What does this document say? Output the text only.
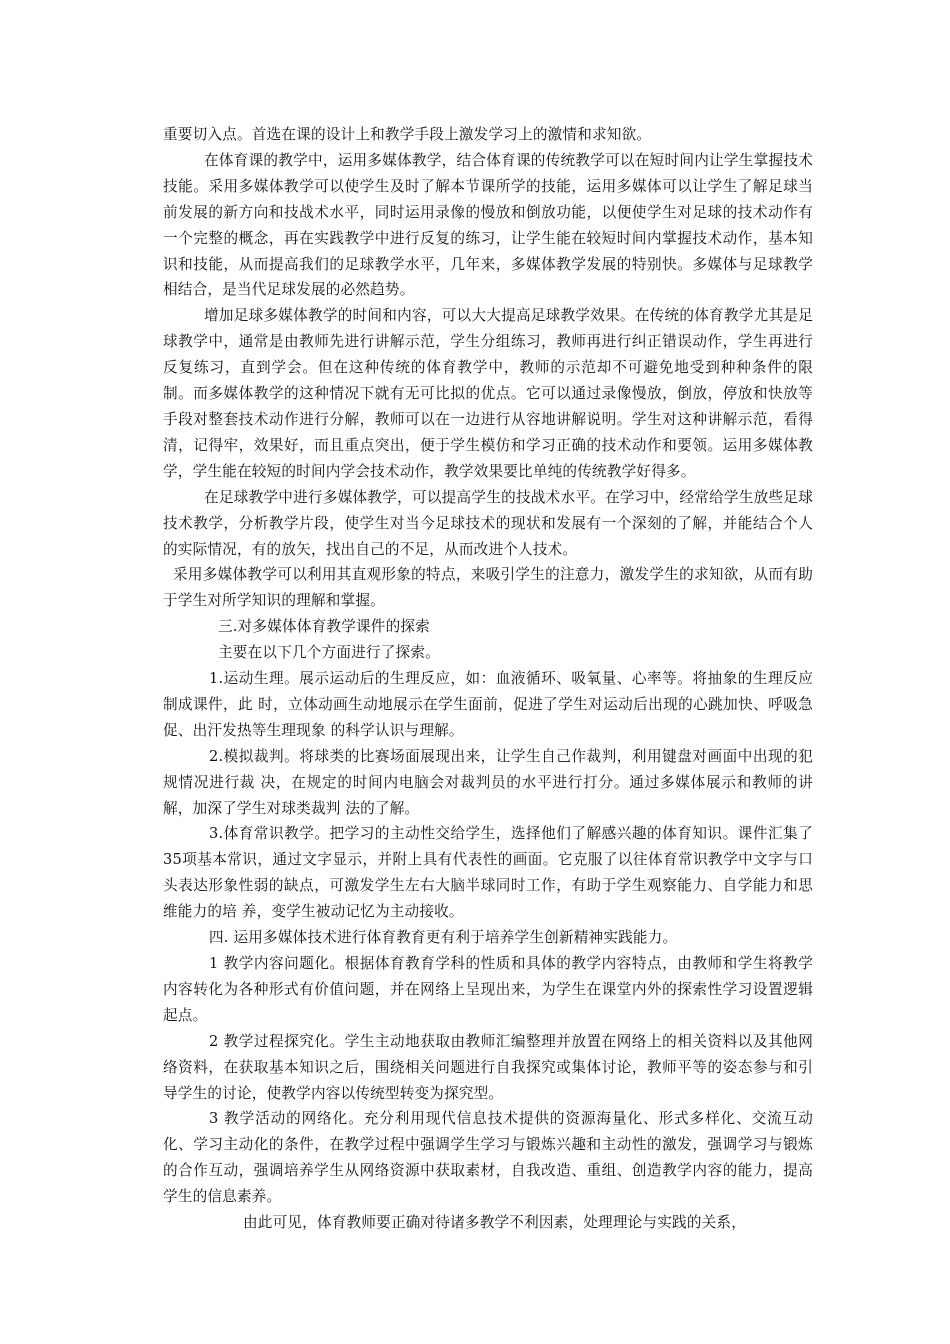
重要切入点。首选在课的设计上和教学手段上激发学习上的激情和求知欲。

在体育课的教学中，运用多媒体教学，结合体育课的传统教学可以在短时间内让学生掌握技术技能。采用多媒体教学可以使学生及时了解本节课所学的技能，运用多媒体可以让学生了解足球当前发展的新方向和技战术水平，同时运用录像的慢放和倒放功能，以便使学生对足球的技术动作有一个完整的概念，再在实践教学中进行反复的练习，让学生能在较短时间内掌握技术动作，基本知识和技能，从而提高我们的足球教学水平，几年来，多媒体教学发展的特别快。多媒体与足球教学相结合，是当代足球发展的必然趋势。

增加足球多媒体教学的时间和内容，可以大大提高足球教学效果。在传统的体育教学尤其是足球教学中，通常是由教师先进行讲解示范，学生分组练习，教师再进行纠正错误动作，学生再进行反复练习，直到学会。但在这种传统的体育教学中，教师的示范却不可避免地受到种种条件的限制。而多媒体教学的这种情况下就有无可比拟的优点。它可以通过录像慢放，倒放，停放和快放等手段对整套技术动作进行分解，教师可以在一边进行从容地讲解说明。学生对这种讲解示范，看得清，记得牢，效果好，而且重点突出，便于学生模仿和学习正确的技术动作和要领。运用多媒体教学，学生能在较短的时间内学会技术动作，教学效果要比单纯的传统教学好得多。

在足球教学中进行多媒体教学，可以提高学生的技战术水平。在学习中，经常给学生放些足球技术教学，分析教学片段，使学生对当今足球技术的现状和发展有一个深刻的了解，并能结合个人的实际情况，有的放矢，找出自己的不足，从而改进个人技术。

采用多媒体教学可以利用其直观形象的特点，来吸引学生的注意力，激发学生的求知欲，从而有助于学生对所学知识的理解和掌握。

三.对多媒体体育教学课件的探索

主要在以下几个方面进行了探索。

1.运动生理。展示运动后的生理反应，如：血液循环、吸氧量、心率等。将抽象的生理反应制成课件，此 时，立体动画生动地展示在学生面前，促进了学生对运动后出现的心跳加快、呼吸急促、出汗发热等生理现象 的科学认识与理解。

2.模拟裁判。将球类的比赛场面展现出来，让学生自己作裁判，利用键盘对画面中出现的犯规情况进行裁 决，在规定的时间内电脑会对裁判员的水平进行打分。通过多媒体展示和教师的讲解，加深了学生对球类裁判 法的了解。

3.体育常识教学。把学习的主动性交给学生，选择他们了解感兴趣的体育知识。课件汇集了35项基本常识，通过文字显示，并附上具有代表性的画面。它克服了以往体育常识教学中文字与口 头表达形象性弱的缺点，可激发学生左右大脑半球同时工作，有助于学生观察能力、自学能力和思维能力的培 养，变学生被动记忆为主动接收。

四. 运用多媒体技术进行体育教育更有利于培养学生创新精神实践能力。

1 教学内容问题化。根据体育教育学科的性质和具体的教学内容特点，由教师和学生将教学内容转化为各种形式有价值问题，并在网络上呈现出来，为学生在课堂内外的探索性学习设置逻辑起点。

2 教学过程探究化。学生主动地获取由教师汇编整理并放置在网络上的相关资料以及其他网络资料，在获取基本知识之后，围绕相关问题进行自我探究或集体讨论，教师平等的姿态参与和引导学生的讨论，使教学内容以传统型转变为探究型。

3 教学活动的网络化。充分利用现代信息技术提供的资源海量化、形式多样化、交流互动化、学习主动化的条件，在教学过程中强调学生学习与锻炼兴趣和主动性的激发，强调学习与锻炼的合作互动，强调培养学生从网络资源中获取素材，自我改造、重组、创造教学内容的能力，提高学生的信息素养。

由此可见，体育教师要正确对待诸多教学不利因素，处理理论与实践的关系，
